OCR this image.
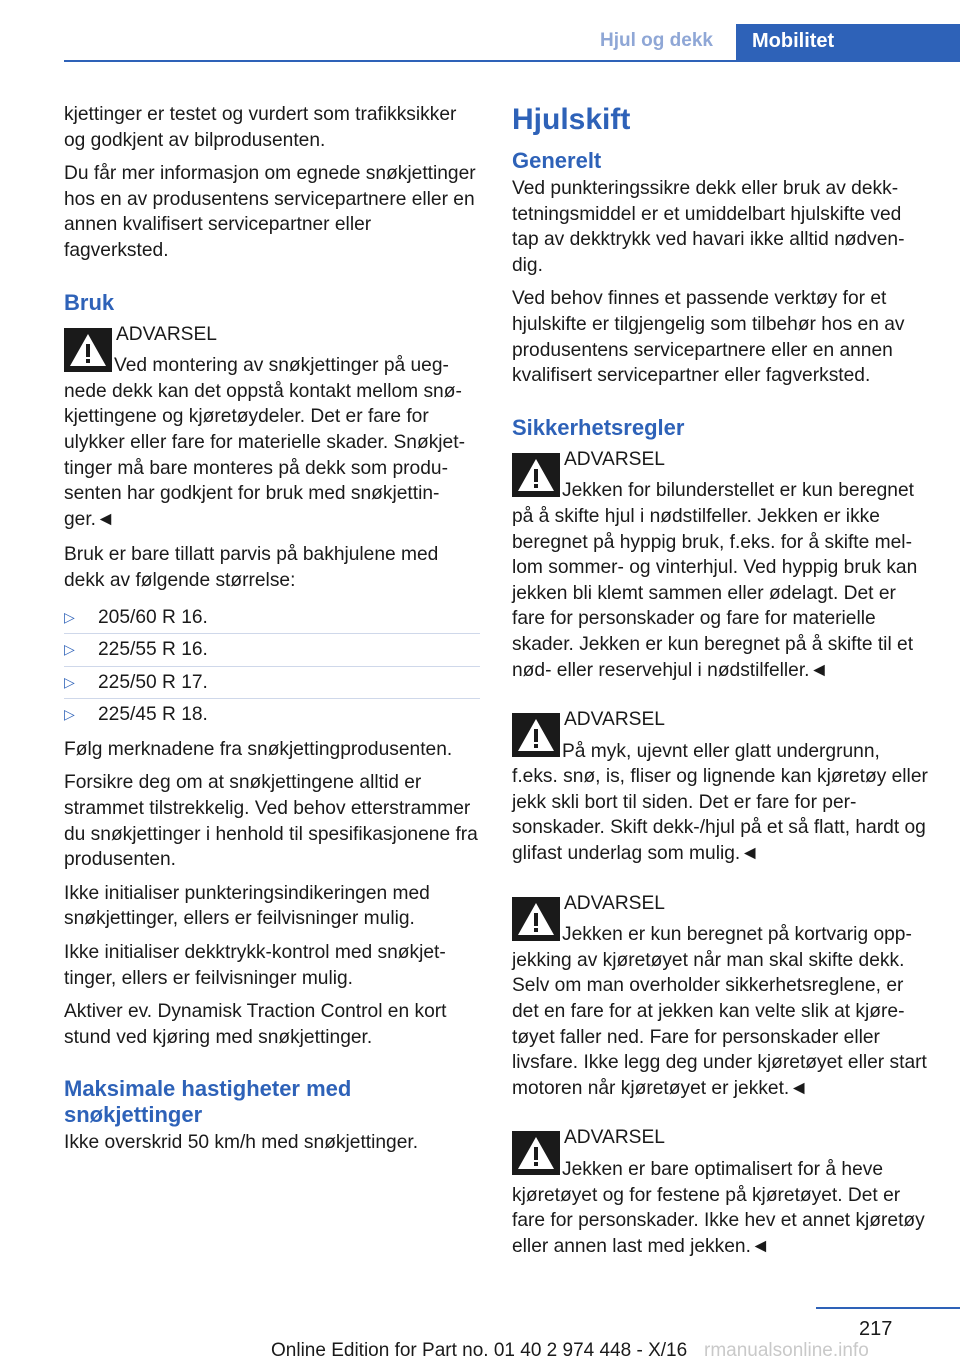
Hjul og dekk	Mobilitet

kjettinger er testet og vurdert som trafikksikker og godkjent av bilprodusenten.

Du får mer informasjon om egnede snøkjettinger hos en av produsentens servicepartnere eller en annen kvalifisert servicepartner eller fagverksted.

Bruk
ADVARSEL
Ved montering av snøkjettinger på uegnede dekk kan det oppstå kontakt mellom snøkjettingene og kjøretøydeler. Det er fare for ulykker eller fare for materielle skader. Snøkjettinger må bare monteres på dekk som produsenten har godkjent for bruk med snøkjettinger.◄

Bruk er bare tillatt parvis på bakhjulene med dekk av følgende størrelse:

▷ 205/60 R 16.
▷ 225/55 R 16.
▷ 225/50 R 17.
▷ 225/45 R 18.

Følg merknadene fra snøkjettingprodusenten.

Forsikre deg om at snøkjettingene alltid er strammet tilstrekkelig. Ved behov etterstrammer du snøkjettinger i henhold til spesifikasjonene fra produsenten.

Ikke initialiser punkteringsindikeringen med snøkjettinger, ellers er feilvisninger mulig.

Ikke initialiser dekktrykk-kontrol med snøkjettinger, ellers er feilvisninger mulig.

Aktiver ev. Dynamisk Traction Control en kort stund ved kjøring med snøkjettinger.

Maksimale hastigheter med snøkjettinger

Ikke overskrid 50 km/h med snøkjettinger.

Hjulskift
Generelt

Ved punkteringssikre dekk eller bruk av dekktetningsmiddel er et umiddelbart hjulskifte ved tap av dekktrykk ved havari ikke alltid nødvendig.

Ved behov finnes et passende verktøy for et hjulskifte er tilgjengelig som tilbehør hos en av produsentens servicepartnere eller en annen kvalifisert servicepartner eller fagverksted.

Sikkerhetsregler
ADVARSEL
Jekken for bilunderstellet er kun beregnet på å skifte hjul i nødstilfeller. Jekken er ikke beregnet på hyppig bruk, f.eks. for å skifte mellom sommer- og vinterhjul. Ved hyppig bruk kan jekken bli klemt sammen eller ødelagt. Det er fare for personskader og fare for materielle skader. Jekken er kun beregnet på å skifte til et nød- eller reservehjul i nødstilfeller.◄
ADVARSEL
På myk, ujevnt eller glatt undergrunn, f.eks. snø, is, fliser og lignende kan kjøretøy eller jekk skli bort til siden. Det er fare for personskader. Skift dekk-/hjul på et så flatt, hardt og glifast underlag som mulig.◄
ADVARSEL
Jekken er kun beregnet på kortvarig oppjekking av kjøretøyet når man skal skifte dekk. Selv om man overholder sikkerhetsreglene, er det en fare for at jekken kan velte slik at kjøretøyet faller ned. Fare for personskader eller livsfare. Ikke legg deg under kjøretøyet eller start motoren når kjøretøyet er jekket.◄
ADVARSEL
Jekken er bare optimalisert for å heve kjøretøyet og for festene på kjøretøyet. Det er fare for personskader. Ikke hev et annet kjøretøy eller annen last med jekken.◄
217
Online Edition for Part no. 01 40 2 974 448 - X/16 rmanualsonline.info
